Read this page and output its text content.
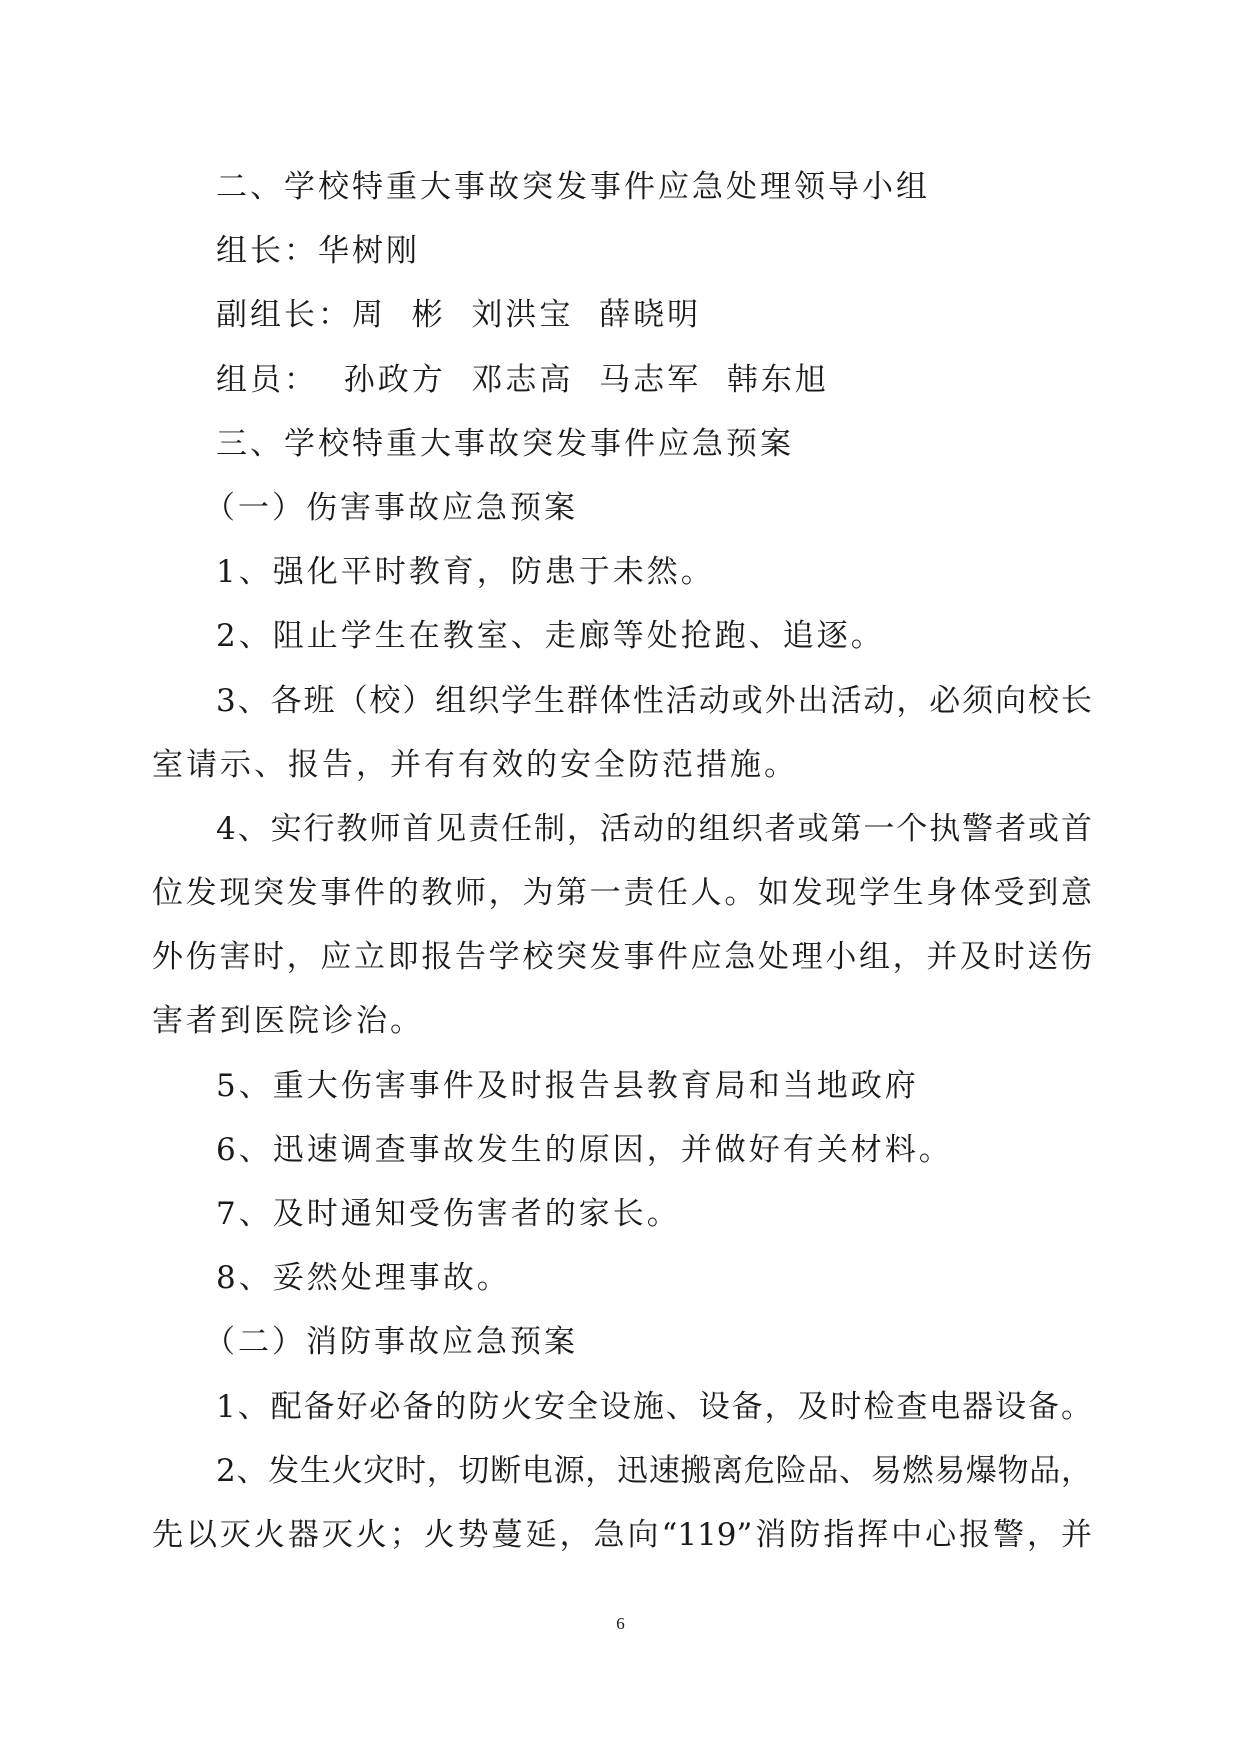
二、学校特重大事故突发事件应急处理领导小组
组长：华树刚
副组长：周  彬  刘洪宝  薛晓明
组员：  孙政方  邓志高  马志军  韩东旭
三、学校特重大事故突发事件应急预案
（一）伤害事故应急预案
1、强化平时教育，防患于未然。
2、阻止学生在教室、走廊等处抢跑、追逐。
3、各班（校）组织学生群体性活动或外出活动，必须向校长
室请示、报告，并有有效的安全防范措施。
4、实行教师首见责任制，活动的组织者或第一个执警者或首
位发现突发事件的教师，为第一责任人。如发现学生身体受到意
外伤害时，应立即报告学校突发事件应急处理小组，并及时送伤
害者到医院诊治。
5、重大伤害事件及时报告县教育局和当地政府
6、迅速调查事故发生的原因，并做好有关材料。
7、及时通知受伤害者的家长。
8、妥然处理事故。
（二）消防事故应急预案
1、配备好必备的防火安全设施、设备，及时检查电器设备。
2、发生火灾时，切断电源，迅速搬离危险品、易燃易爆物品，
先以灭火器灭火；火势蔓延，急向“119”消防指挥中心报警，并
6
